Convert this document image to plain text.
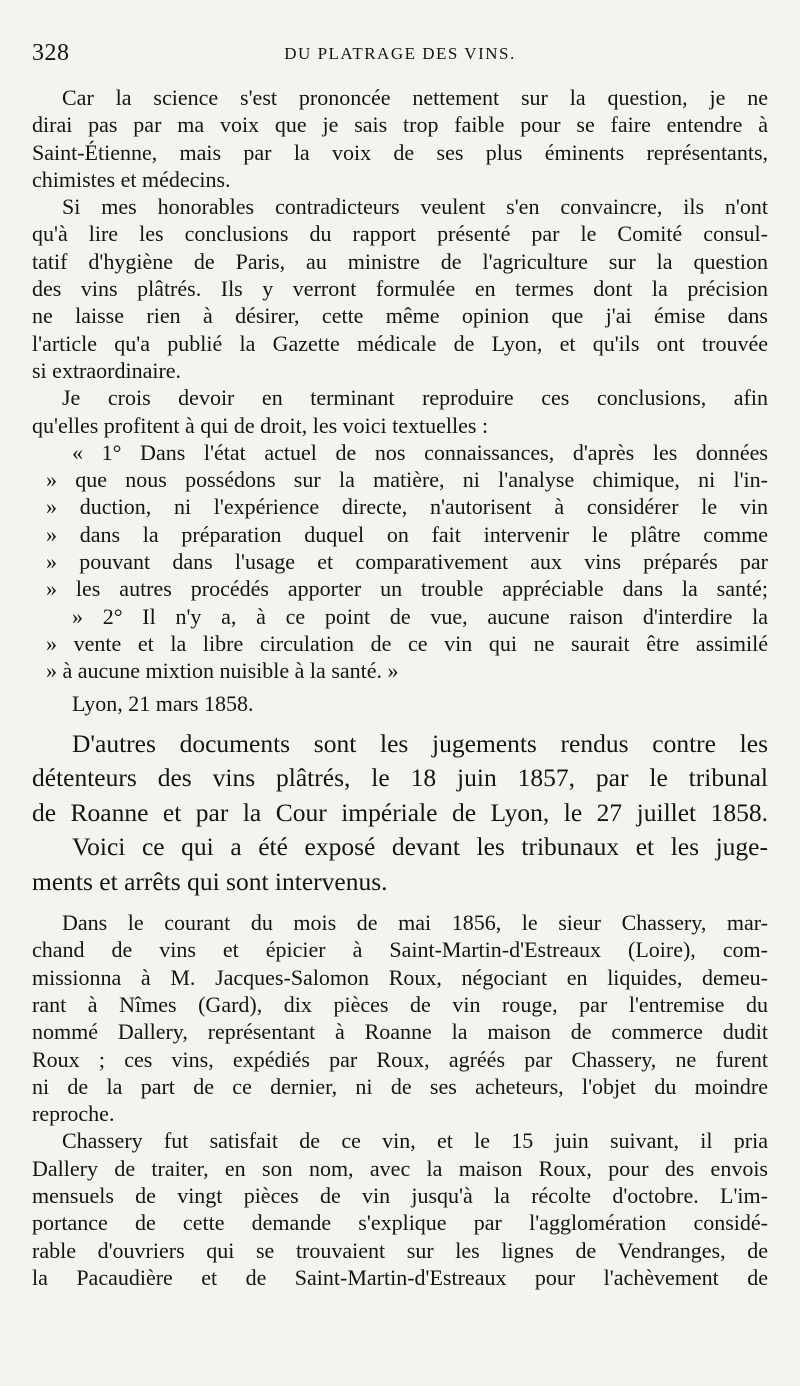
328	DU PLATRAGE DES VINS.
Car la science s'est prononcée nettement sur la question, je ne
dirai pas par ma voix que je sais trop faible pour se faire entendre à
Saint-Étienne, mais par la voix de ses plus éminents représentants,
chimistes et médecins.
Si mes honorables contradicteurs veulent s'en convaincre, ils n'ont
qu'à lire les conclusions du rapport présenté par le Comité consul-
tatif d'hygiène de Paris, au ministre de l'agriculture sur la question
des vins plâtrés. Ils y verront formulée en termes dont la précision
ne laisse rien à désirer, cette même opinion que j'ai émise dans
l'article qu'a publié la Gazette médicale de Lyon, et qu'ils ont trouvée
si extraordinaire.
Je crois devoir en terminant reproduire ces conclusions, afin
qu'elles profitent à qui de droit, les voici textuelles :
« 1° Dans l'état actuel de nos connaissances, d'après les données
» que nous possédons sur la matière, ni l'analyse chimique, ni l'in-
» duction, ni l'expérience directe, n'autorisent à considérer le vin
» dans la préparation duquel on fait intervenir le plâtre comme
» pouvant dans l'usage et comparativement aux vins préparés par
» les autres procédés apporter un trouble appréciable dans la santé;
» 2° Il n'y a, à ce point de vue, aucune raison d'interdire la
» vente et la libre circulation de ce vin qui ne saurait être assimilé
» à aucune mixtion nuisible à la santé. »
Lyon, 21 mars 1858.
D'autres documents sont les jugements rendus contre les
détenteurs des vins plâtrés, le 18 juin 1857, par le tribunal
de Roanne et par la Cour impériale de Lyon, le 27 juillet 1858.
Voici ce qui a été exposé devant les tribunaux et les juge-
ments et arrêts qui sont intervenus.
Dans le courant du mois de mai 1856, le sieur Chassery, mar-
chand de vins et épicier à Saint-Martin-d'Estreaux (Loire), com-
missionna à M. Jacques-Salomon Roux, négociant en liquides, demeu-
rant à Nîmes (Gard), dix pièces de vin rouge, par l'entremise du
nommé Dallery, représentant à Roanne la maison de commerce dudit
Roux ; ces vins, expédiés par Roux, agréés par Chassery, ne furent
ni de la part de ce dernier, ni de ses acheteurs, l'objet du moindre
reproche.
Chassery fut satisfait de ce vin, et le 15 juin suivant, il pria
Dallery de traiter, en son nom, avec la maison Roux, pour des envois
mensuels de vingt pièces de vin jusqu'à la récolte d'octobre. L'im-
portance de cette demande s'explique par l'agglomération considé-
rable d'ouvriers qui se trouvaient sur les lignes de Vendranges, de
la Pacaudière et de Saint-Martin-d'Estreaux pour l'achèvement de
